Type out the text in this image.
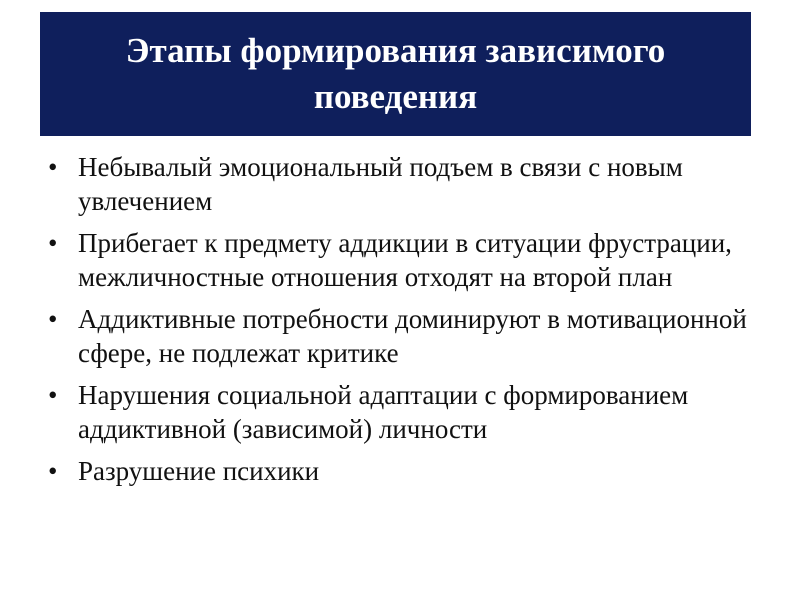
Этапы формирования зависимого поведения
• Небывалый эмоциональный подъем в связи с новым увлечением
• Прибегает к предмету аддикции в ситуации фрустрации, межличностные отношения отходят на второй план
• Аддиктивные потребности доминируют в мотивационной сфере, не подлежат критике
• Нарушения социальной адаптации с формированием аддиктивной (зависимой) личности
• Разрушение психики
